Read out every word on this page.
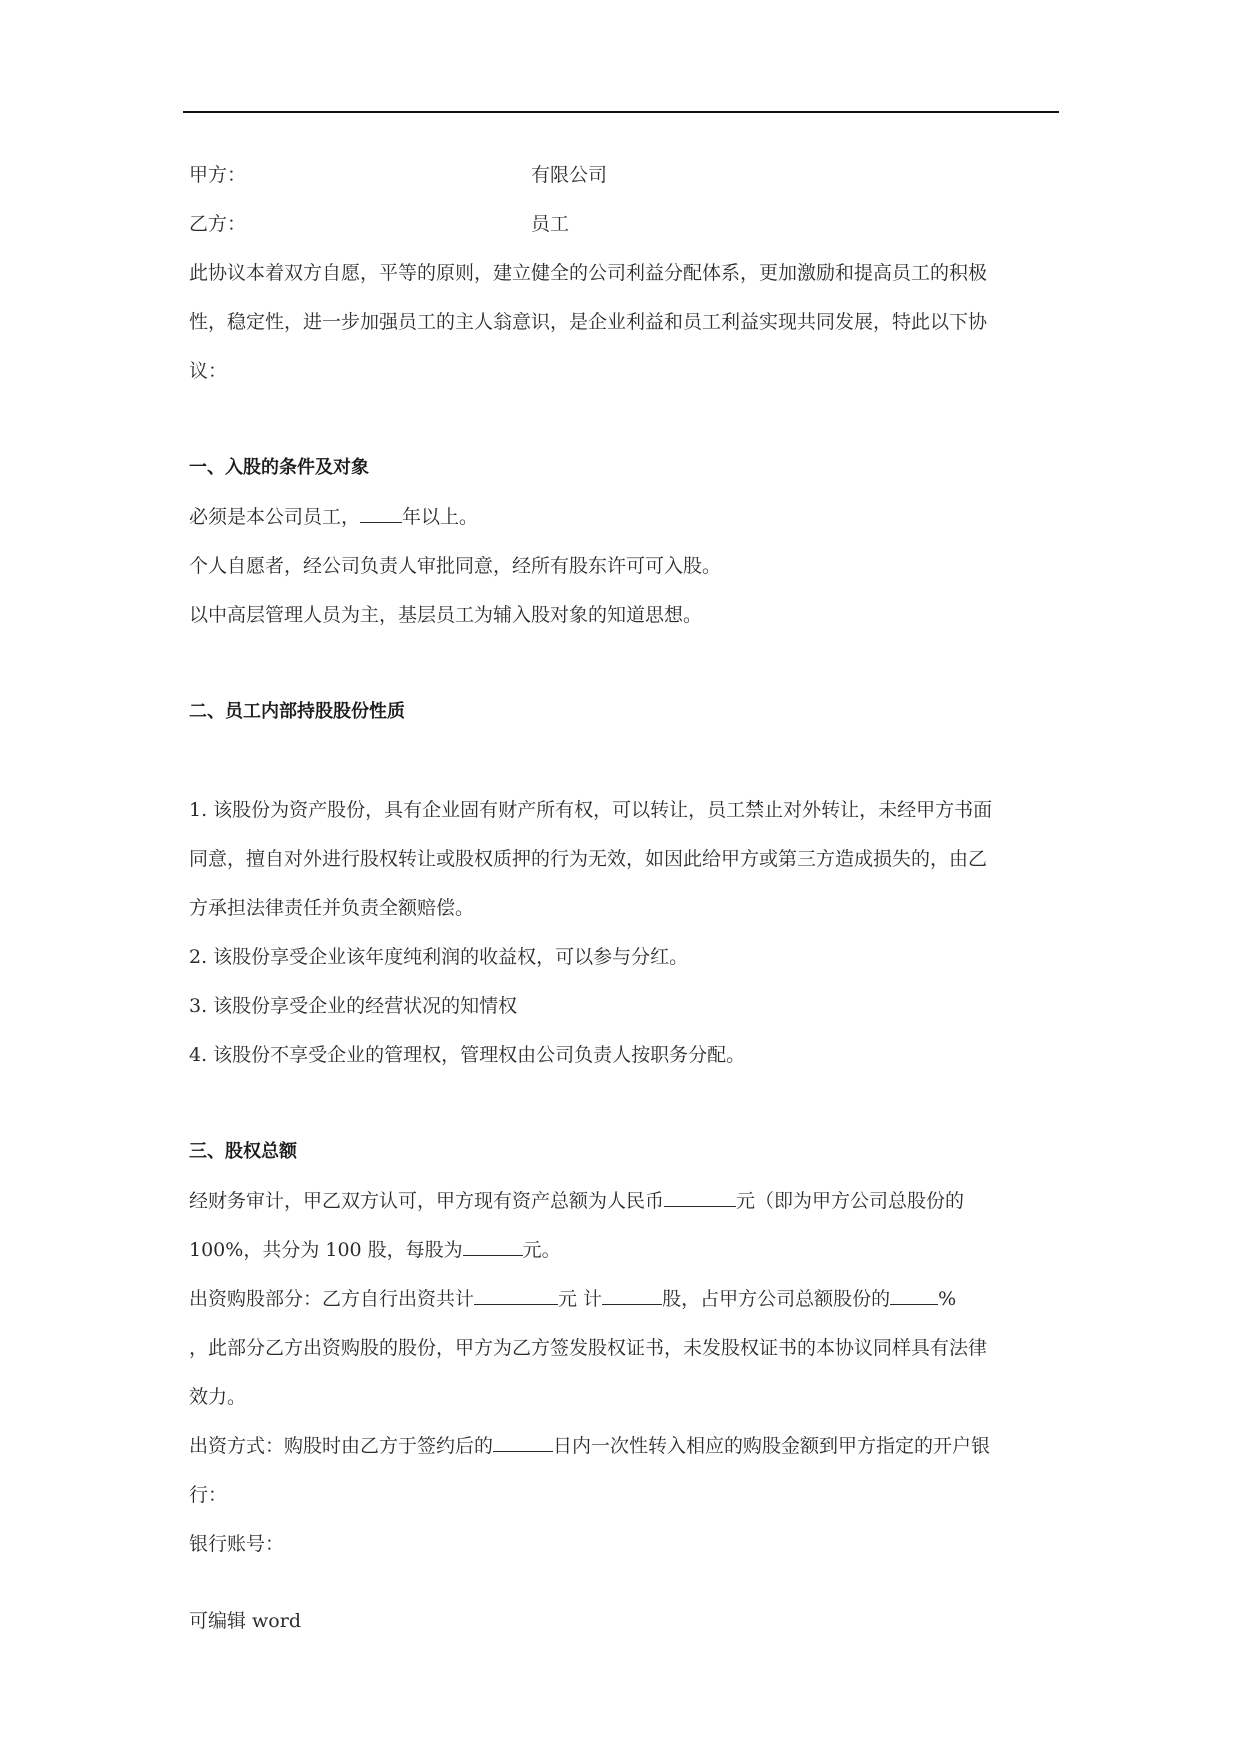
甲方：	有限公司
乙方：	员工
此协议本着双方自愿，平等的原则，建立健全的公司利益分配体系，更加激励和提高员工的积极
性，稳定性，进一步加强员工的主人翁意识，是企业利益和员工利益实现共同发展，特此以下协
议：
一、入股的条件及对象
必须是本公司员工， 年以上。
个人自愿者，经公司负责人审批同意，经所有股东许可可入股。
以中高层管理人员为主，基层员工为辅入股对象的知道思想。
二、员工内部持股股份性质
1. 该股份为资产股份，具有企业固有财产所有权，可以转让，员工禁止对外转让，未经甲方书面
同意，擅自对外进行股权转让或股权质押的行为无效，如因此给甲方或第三方造成损失的，由乙
方承担法律责任并负责全额赔偿。
2. 该股份享受企业该年度纯利润的收益权，可以参与分红。
3. 该股份享受企业的经营状况的知情权
4. 该股份不享受企业的管理权，管理权由公司负责人按职务分配。
三、股权总额
经财务审计，甲乙双方认可，甲方现有资产总额为人民币	元（即为甲方公司总股份的
100%，共分为 100 股，每股为	元。
出资购股部分：乙方自行出资共计	元 计	股，占甲方公司总额股份的	%
，此部分乙方出资购股的股份，甲方为乙方签发股权证书，未发股权证书的本协议同样具有法律
效力。
出资方式：购股时由乙方于签约后的	日内一次性转入相应的购股金额到甲方指定的开户银
行：
银行账号：
可编辑 word
